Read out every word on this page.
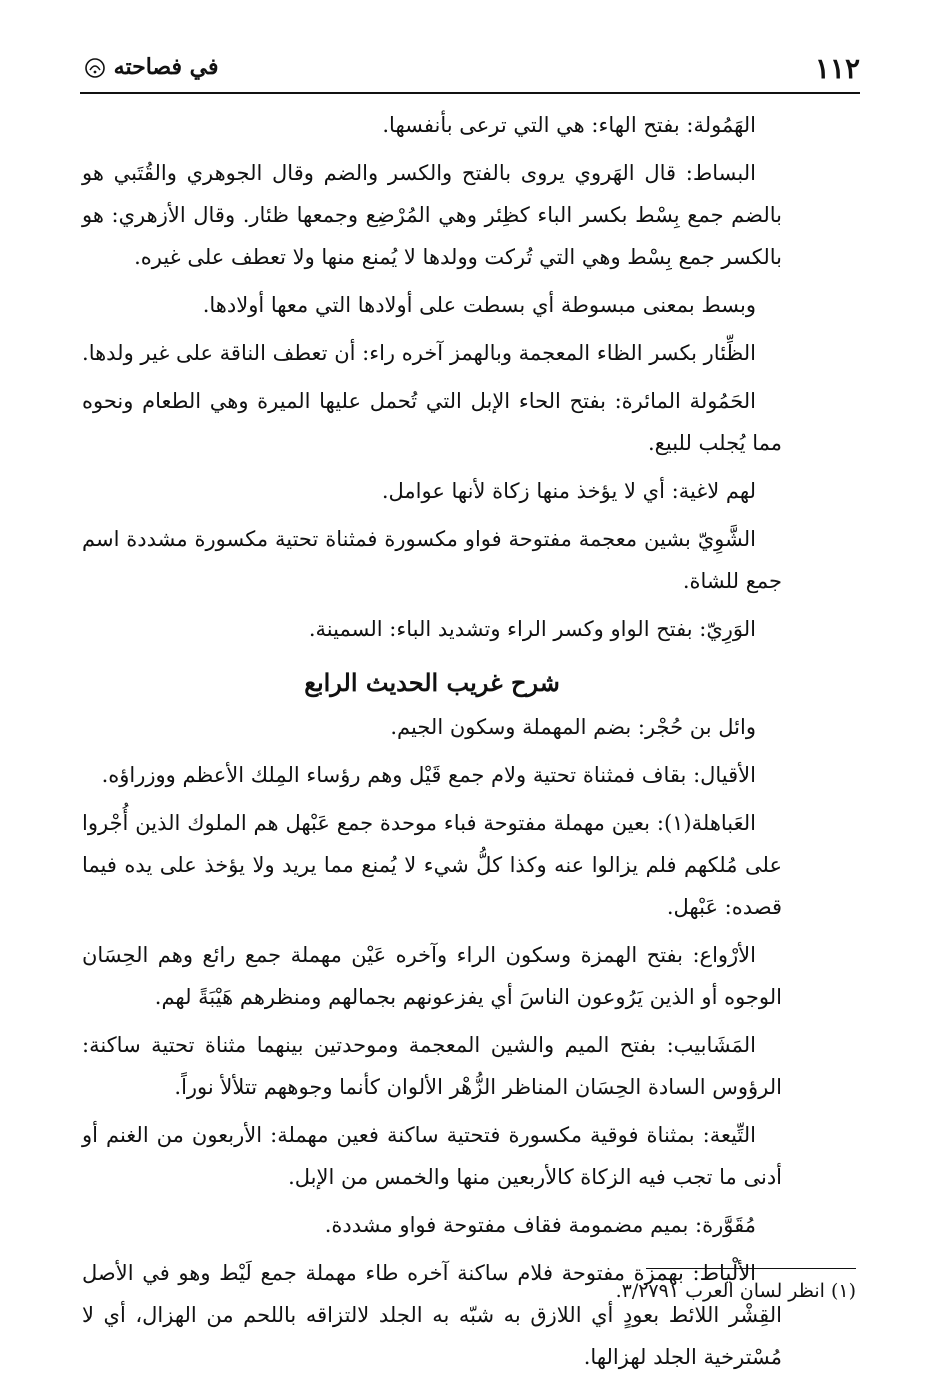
١١٢
في فصاحته

الهَمُولة: بفتح الهاء: هي التي ترعى بأنفسها.

البساط: قال الهَروي يروى بالفتح والكسر والضم وقال الجوهري والقُتَبي هو بالضم جمع بِسْط بكسر الباء كظِئر وهي المُرْضِع وجمعها ظئار. وقال الأزهري: هو بالكسر جمع بِسْط وهي التي تُركت وولدها لا يُمنع منها ولا تعطف على غيره.

وبسط بمعنى مبسوطة أي بسطت على أولادها التي معها أولادها.

الظِّئار بكسر الظاء المعجمة وبالهمز آخره راء: أن تعطف الناقة على غير ولدها.

الحَمُولة المائرة: بفتح الحاء الإبل التي تُحمل عليها الميرة وهي الطعام ونحوه مما يُجلب للبيع.

لهم لاغية: أي لا يؤخذ منها زكاة لأنها عوامل.

الشَّوِيّ بشين معجمة مفتوحة فواو مكسورة فمثناة تحتية مكسورة مشددة اسم جمع للشاة.

الوَرِيّ: بفتح الواو وكسر الراء وتشديد الباء: السمينة.

شرح غريب الحديث الرابع

وائل بن حُجْر: بضم المهملة وسكون الجيم.

الأقيال: بقاف فمثناة تحتية ولام جمع قَيْل وهم رؤساء المِلك الأعظم ووزراؤه.

العَباهلة(١): بعين مهملة مفتوحة فباء موحدة جمع عَبْهل هم الملوك الذين أُجْروا على مُلكهم فلم يزالوا عنه وكذا كلُّ شيء لا يُمنع مما يريد ولا يؤخذ على يده فيما قصده: عَبْهل.

الأرْواع: بفتح الهمزة وسكون الراء وآخره عَيْن مهملة جمع رائع وهم الحِسَان الوجوه أو الذين يَرُوعون الناسَ أي يفزعونهم بجمالهم ومنظرهم هَيْبَةً لهم.

المَشَابيب: بفتح الميم والشين المعجمة وموحدتين بينهما مثناة تحتية ساكنة: الرؤوس السادة الحِسَان المناظر الزُّهْر الألوان كأنما وجوههم تتلألأ نوراً.

التِّيعة: بمثناة فوقية مكسورة فتحتية ساكنة فعين مهملة: الأربعون من الغنم أو أدنى ما تجب فيه الزكاة كالأربعين منها والخمس من الإبل.

مُقَوَّرة: بميم مضمومة فقاف مفتوحة فواو مشددة.

الألْياط: بهمزة مفتوحة فلام ساكنة آخره طاء مهملة جمع لَيْط وهو في الأصل القِشْر اللائط بعودٍ أي اللازق به شبّه به الجلد لالتزاقه باللحم من الهزال، أي لا مُسْترخية الجلد لهزالها.

(١) انظر لسان العرب ٣/٢٧٩١.
